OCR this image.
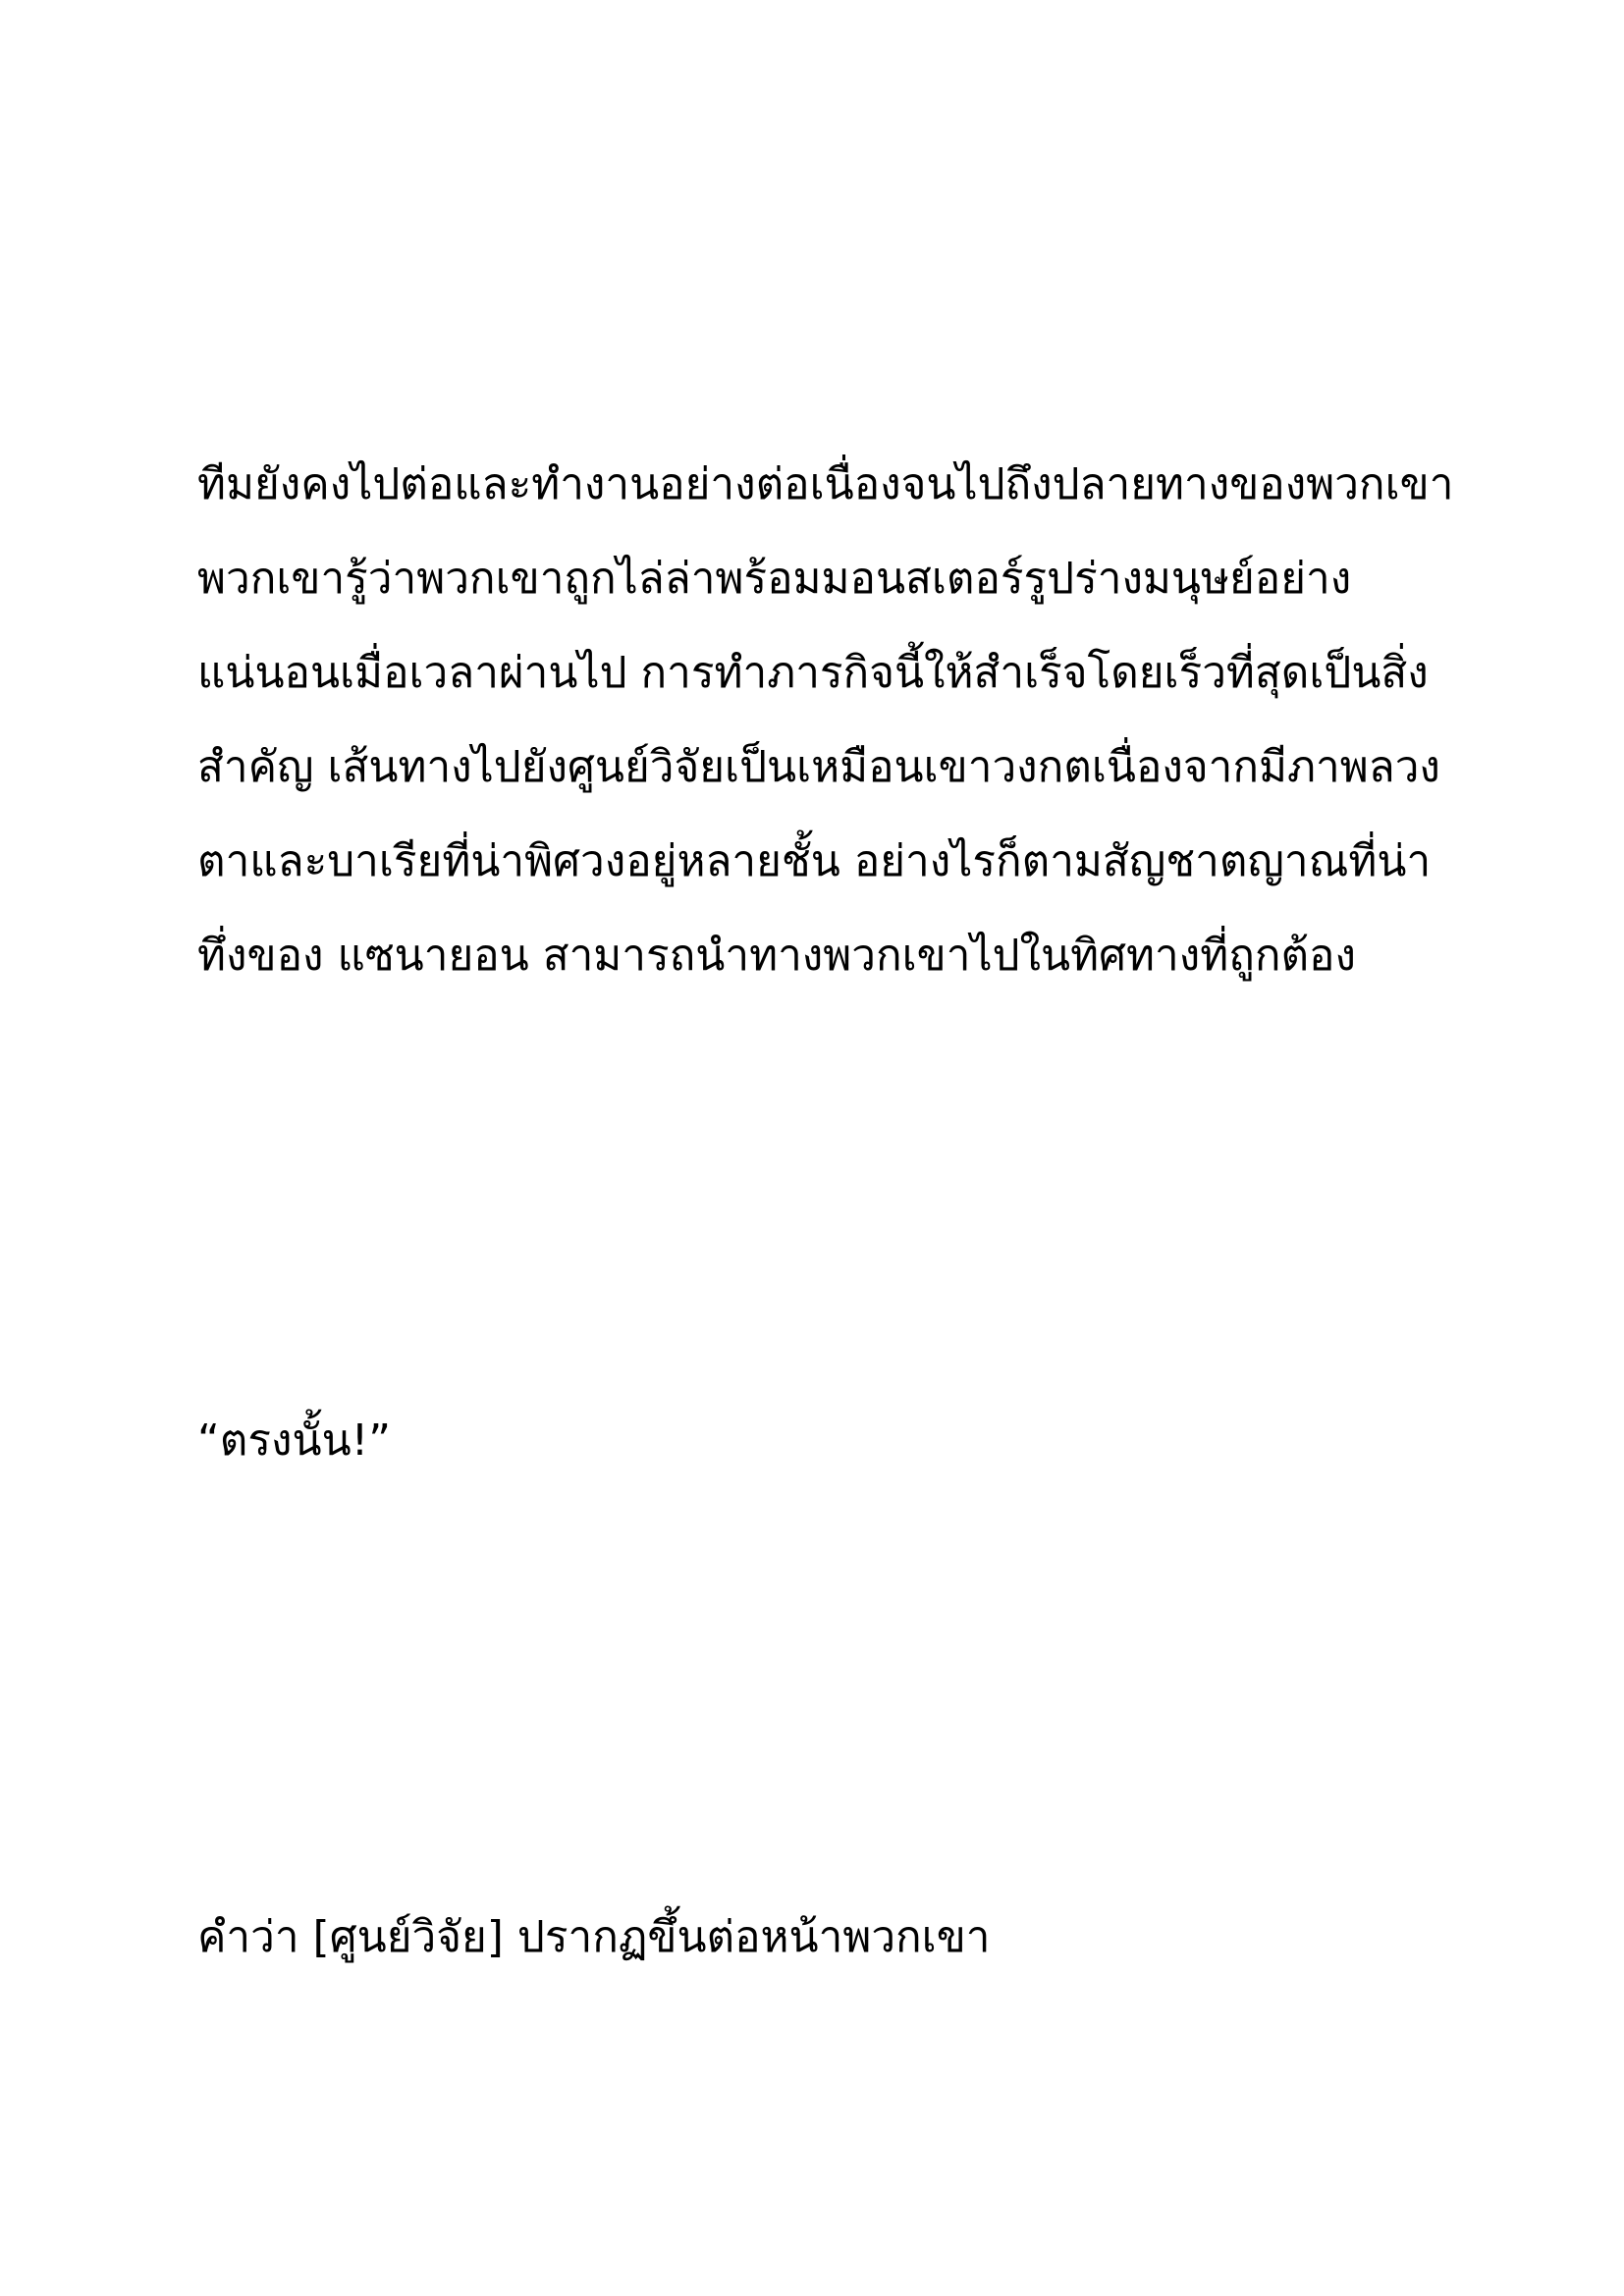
ทีมยังคงไปต่อและทำงานอย่างต่อเนื่องจนไปถึงปลายทางของพวกเขา
พวกเขารู้ว่าพวกเขาถูกไล่ล่าพร้อมมอนสเตอร์รูปร่างมนุษย์อย่าง
แน่นอนเมื่อเวลาผ่านไป การทำภารกิจนี้ให้สำเร็จโดยเร็วที่สุดเป็นสิ่ง
สำคัญ เส้นทางไปยังศูนย์วิจัยเป็นเหมือนเขาวงกตเนื่องจากมีภาพลวง
ตาและบาเรียที่น่าพิศวงอยู่หลายชั้น อย่างไรก็ตามสัญชาตญาณที่น่า
ทึ่งของ แซนายอน สามารถนำทางพวกเขาไปในทิศทางที่ถูกต้อง

“ตรงนั้น!”

คำว่า [ศูนย์วิจัย] ปรากฏขึ้นต่อหน้าพวกเขา
